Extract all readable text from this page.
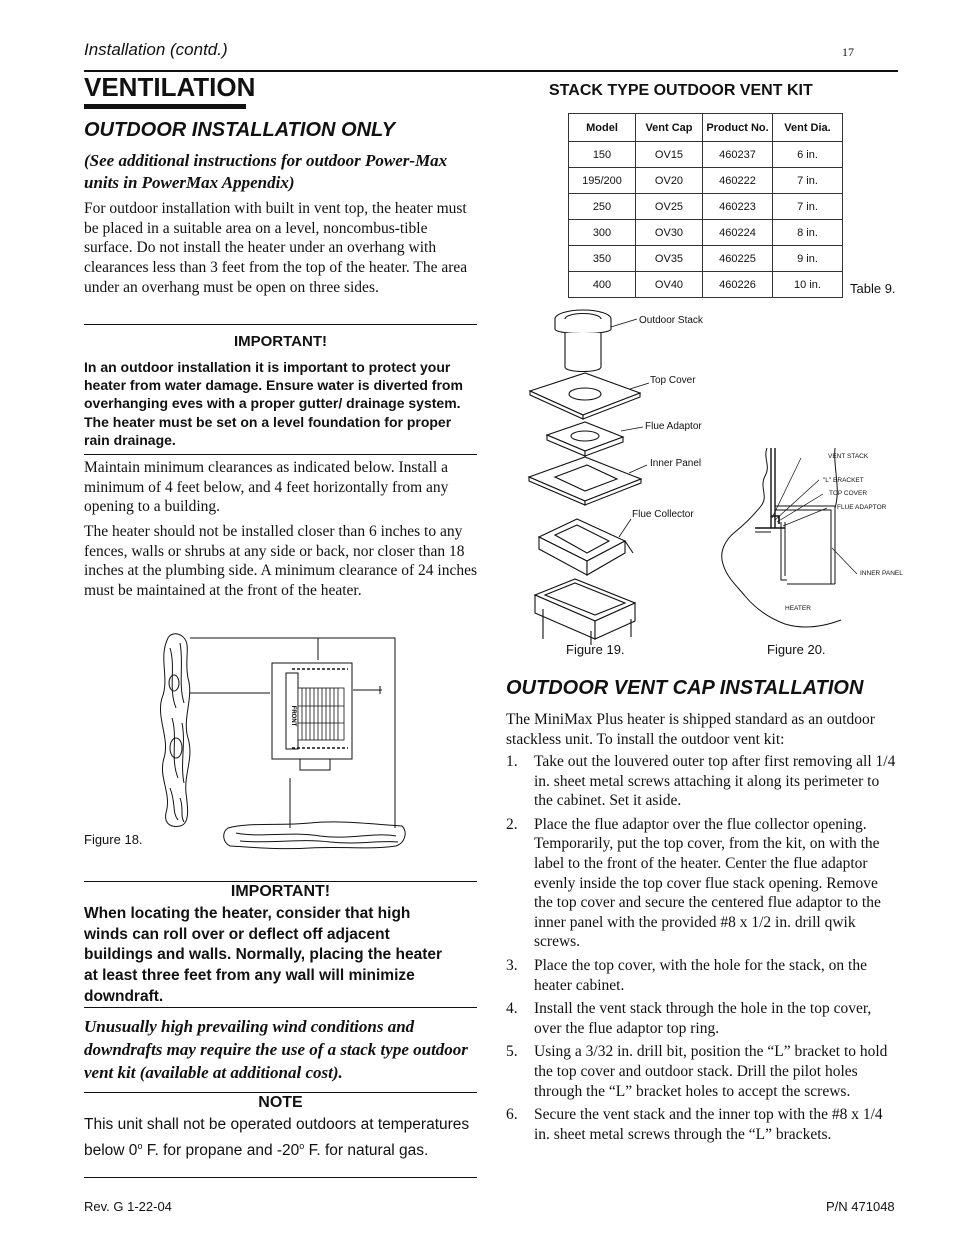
Installation (contd.)	17
VENTILATION
OUTDOOR INSTALLATION ONLY
(See additional instructions for outdoor Power-Max units in PowerMax Appendix)
For outdoor installation with built in vent top, the heater must be placed in a suitable area on a level, noncombus-tible surface. Do not install the heater under an overhang with clearances less than 3 feet from the top of the heater. The area under an overhang must be open on three sides.
IMPORTANT!
In an outdoor installation it is important to protect your heater from water damage. Ensure water is diverted from overhanging eves with a proper gutter/ drainage system. The heater must be set on a level foundation for proper rain drainage.
Maintain minimum clearances as indicated below. Install a minimum of 4 feet below, and 4 feet horizontally from any opening to a building.
The heater should not be installed closer than 6 inches to any fences, walls or shrubs at any side or back, nor closer than 18 inches at the plumbing side. A minimum clearance of 24 inches must be maintained at the front of the heater.
FRONT
Figure 18.
IMPORTANT!
When locating the heater, consider that high winds can roll over or deflect off adjacent buildings and walls. Normally, placing the heater at least three feet from any wall will minimize downdraft.
Unusually high prevailing wind conditions and downdrafts may require the use of a stack type outdoor vent kit (available at additional cost).
NOTE
This unit shall not be operated outdoors at temperatures below 0$^o$ F. for propane and -20$^o$ F. for natural gas.
STACK TYPE OUTDOOR VENT KIT
Model	Vent Cap	Product No.	Vent Dia.
150	OV15	460237	6 in.
195/200	OV20	460222	7 in.
250	OV25	460223	7 in.
300	OV30	460224	8 in.
350	OV35	460225	9 in.
400	OV40	460226	10 in. Table 9.
Outdoor Stack
Top Cover
Flue Adaptor
Inner Panel
Flue Collector
Figure 19.
VENT STACK
"L" BRACKET
TOP COVER
FLUE ADAPTOR
INNER PANEL
HEATER
Figure 20.
OUTDOOR VENT CAP INSTALLATION
The MiniMax Plus heater is shipped standard as an outdoor stackless unit. To install the outdoor vent kit:
1. Take out the louvered outer top after first removing all 1/4 in. sheet metal screws attaching it along its perimeter to the cabinet. Set it aside.
2. Place the flue adaptor over the flue collector opening. Temporarily, put the top cover, from the kit, on with the label to the front of the heater. Center the flue adaptor evenly inside the top cover flue stack opening. Remove the top cover and secure the centered flue adaptor to the inner panel with the provided #8 x 1/2 in. drill qwik screws.
3. Place the top cover, with the hole for the stack, on the heater cabinet.
4. Install the vent stack through the hole in the top cover, over the flue adaptor top ring.
5. Using a 3/32 in. drill bit, position the “L” bracket to hold the top cover and outdoor stack. Drill the pilot holes through the “L” bracket holes to accept the screws.
6. Secure the vent stack and the inner top with the #8 x 1/4 in. sheet metal screws through the “L” brackets.
Rev. G 1-22-04	P/N 471048
